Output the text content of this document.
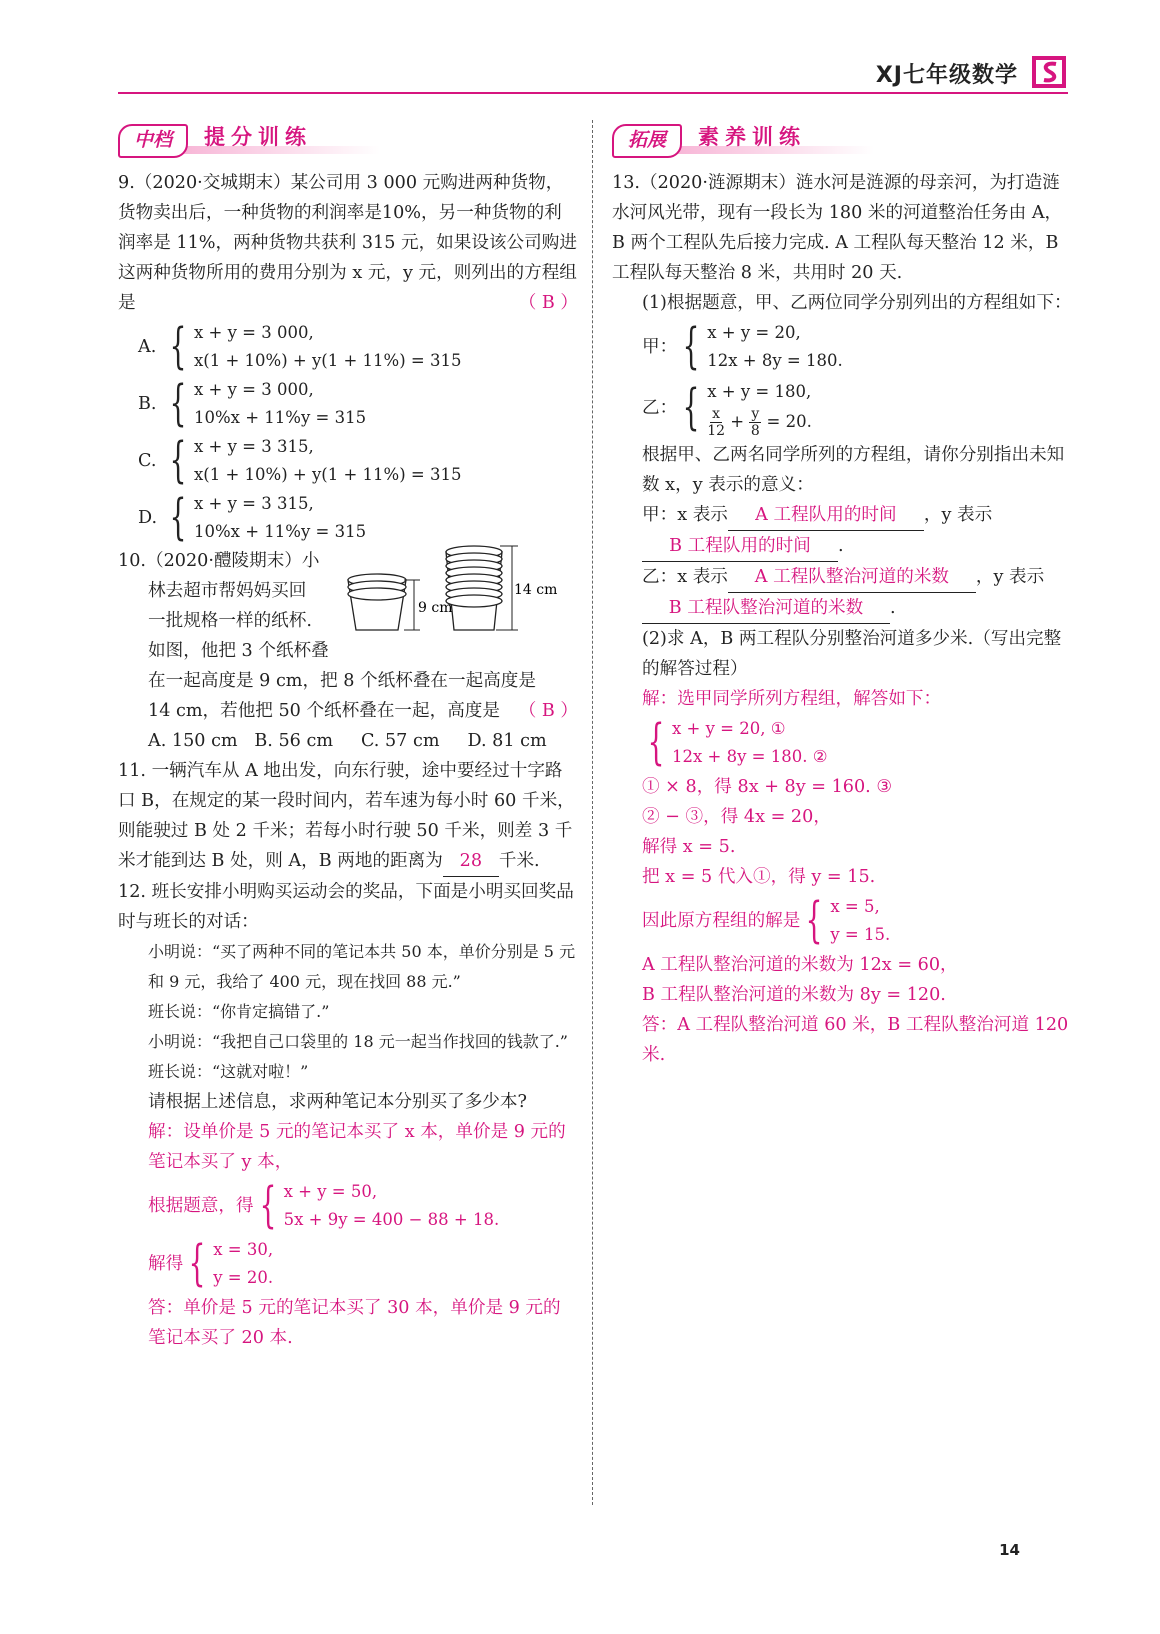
XJ七年级数学
中档	提分训练

9.（2020·交城期末）某公司用 3 000 元购进两种货物，货物卖出后，一种货物的利润率是10%，另一种货物的利润率是 11%，两种货物共获利 315 元，如果设该公司购进这两种货物所用的费用分别为 x 元，y 元，则列出的方程组是	（ B ）

A. { x + y = 3 000,
x(1 + 10%) + y(1 + 11%) = 315
B. { x + y = 3 000,
10%x + 11%y = 315
C. { x + y = 3 315,
x(1 + 10%) + y(1 + 11%) = 315
D. { x + y = 3 315,
10%x + 11%y = 315
10.（2020·醴陵期末）小
林去超市帮妈妈买回
一批规格一样的纸杯.
如图，他把 3 个纸杯叠
在一起高度是 9 cm，把 8 个纸杯叠在一起高度是
14 cm，若他把 50 个纸杯叠在一起，高度是 （ B ）
A. 150 cm   B. 56 cm     C. 57 cm     D. 81 cm
9 cm
14 cm

11. 一辆汽车从 A 地出发，向东行驶，途中要经过十字路口 B，在规定的某一段时间内，若车速为每小时 60 千米，则能驶过 B 处 2 千米；若每小时行驶 50 千米，则差 3 千米才能到达 B 处，则 A，B 两地的距离为 28 千米.

12. 班长安排小明购买运动会的奖品，下面是小明买回奖品时与班长的对话：
小明说：“买了两种不同的笔记本共 50 本，单价分别是 5 元和 9 元，我给了 400 元，现在找回 88 元.”
班长说：“你肯定搞错了.”
小明说：“我把自己口袋里的 18 元一起当作找回的钱款了.”
班长说：“这就对啦！”
请根据上述信息，求两种笔记本分别买了多少本?
解：设单价是 5 元的笔记本买了 x 本，单价是 9 元的笔记本买了 y 本，
根据题意，得 { x + y = 50,
5x + 9y = 400 − 88 + 18.
解得 { x = 30,
y = 20.
答：单价是 5 元的笔记本买了 30 本，单价是 9 元的笔记本买了 20 本.
拓展	素养训练
13.（2020·涟源期末）涟水河是涟源的母亲河，为打造涟水河风光带，现有一段长为 180 米的河道整治任务由 A，B 两个工程队先后接力完成. A 工程队每天整治 12 米，B 工程队每天整治 8 米，共用时 20 天.
(1)根据题意，甲、乙两位同学分别列出的方程组如下：
甲： { x + y = 20,
12x + 8y = 180.
乙： { x + y = 180,
$\frac{x}{12} + \frac{y}{8} = 20$.
根据甲、乙两名同学所列的方程组，请你分别指出未知数 x，y 表示的意义：
甲：x 表示 A 工程队用的时间 ，y 表示B 工程队用的时间 .
乙：x 表示 A 工程队整治河道的米数 ，y 表示B 工程队整治河道的米数 .
(2)求 A，B 两工程队分别整治河道多少米.（写出完整的解答过程）
解：选甲同学所列方程组，解答如下：
{ x + y = 20, ①
12x + 8y = 180. ②
① × 8，得 8x + 8y = 160. ③
② − ③，得 4x = 20，
解得 x = 5.
把 x = 5 代入①，得 y = 15.
因此原方程组的解是 { x = 5,
y = 15.
A 工程队整治河道的米数为 12x = 60，
B 工程队整治河道的米数为 8y = 120.
答：A 工程队整治河道 60 米，B 工程队整治河道 120 米.
14
